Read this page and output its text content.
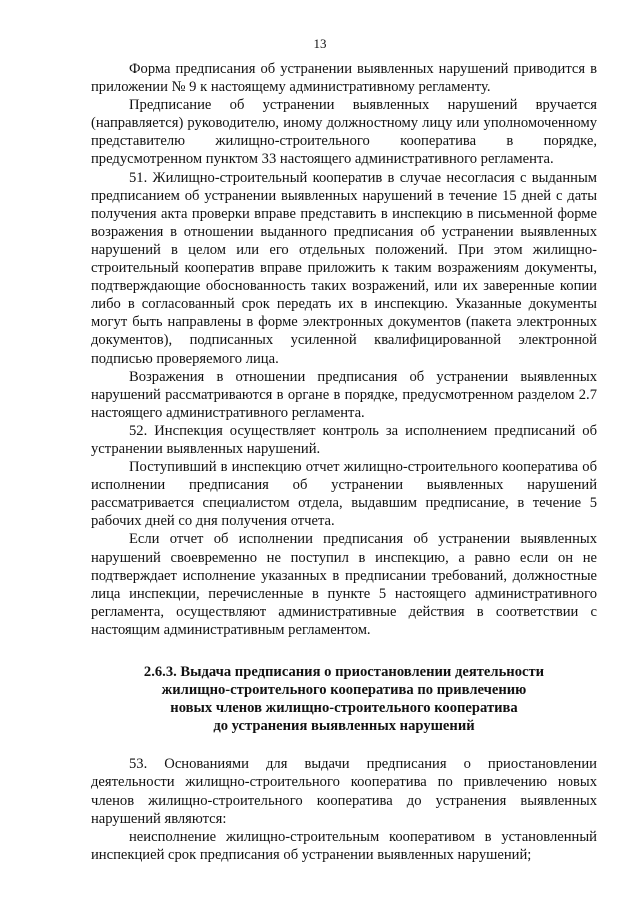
13

Форма предписания об устранении выявленных нарушений приводится в приложении № 9 к настоящему административному регламенту.

Предписание об устранении выявленных нарушений вручается (направляется) руководителю, иному должностному лицу или уполномоченному представителю жилищно-строительного кооператива в порядке, предусмотренном пунктом 33 настоящего административного регламента.

51. Жилищно-строительный кооператив в случае несогласия с выданным предписанием об устранении выявленных нарушений в течение 15 дней с даты получения акта проверки вправе представить в инспекцию в письменной форме возражения в отношении выданного предписания об устранении выявленных нарушений в целом или его отдельных положений. При этом жилищно-строительный кооператив вправе приложить к таким возражениям документы, подтверждающие обоснованность таких возражений, или их заверенные копии либо в согласованный срок передать их в инспекцию. Указанные документы могут быть направлены в форме электронных документов (пакета электронных документов), подписанных усиленной квалифицированной электронной подписью проверяемого лица.

Возражения в отношении предписания об устранении выявленных нарушений рассматриваются в органе в порядке, предусмотренном разделом 2.7 настоящего административного регламента.

52. Инспекция осуществляет контроль за исполнением предписаний об устранении выявленных нарушений.

Поступивший в инспекцию отчет жилищно-строительного кооператива об исполнении предписания об устранении выявленных нарушений рассматривается специалистом отдела, выдавшим предписание, в течение 5 рабочих дней со дня получения отчета.

Если отчет об исполнении предписания об устранении выявленных нарушений своевременно не поступил в инспекцию, а равно если он не подтверждает исполнение указанных в предписании требований, должностные лица инспекции, перечисленные в пункте 5 настоящего административного регламента, осуществляют административные действия в соответствии с настоящим административным регламентом.

2.6.3. Выдача предписания о приостановлении деятельности
жилищно-строительного кооператива по привлечению
новых членов жилищно-строительного кооператива
до устранения выявленных нарушений

53. Основаниями для выдачи предписания о приостановлении деятельности жилищно-строительного кооператива по привлечению новых членов жилищно-строительного кооператива до устранения выявленных нарушений являются:

неисполнение жилищно-строительным кооперативом в установленный инспекцией срок предписания об устранении выявленных нарушений;
